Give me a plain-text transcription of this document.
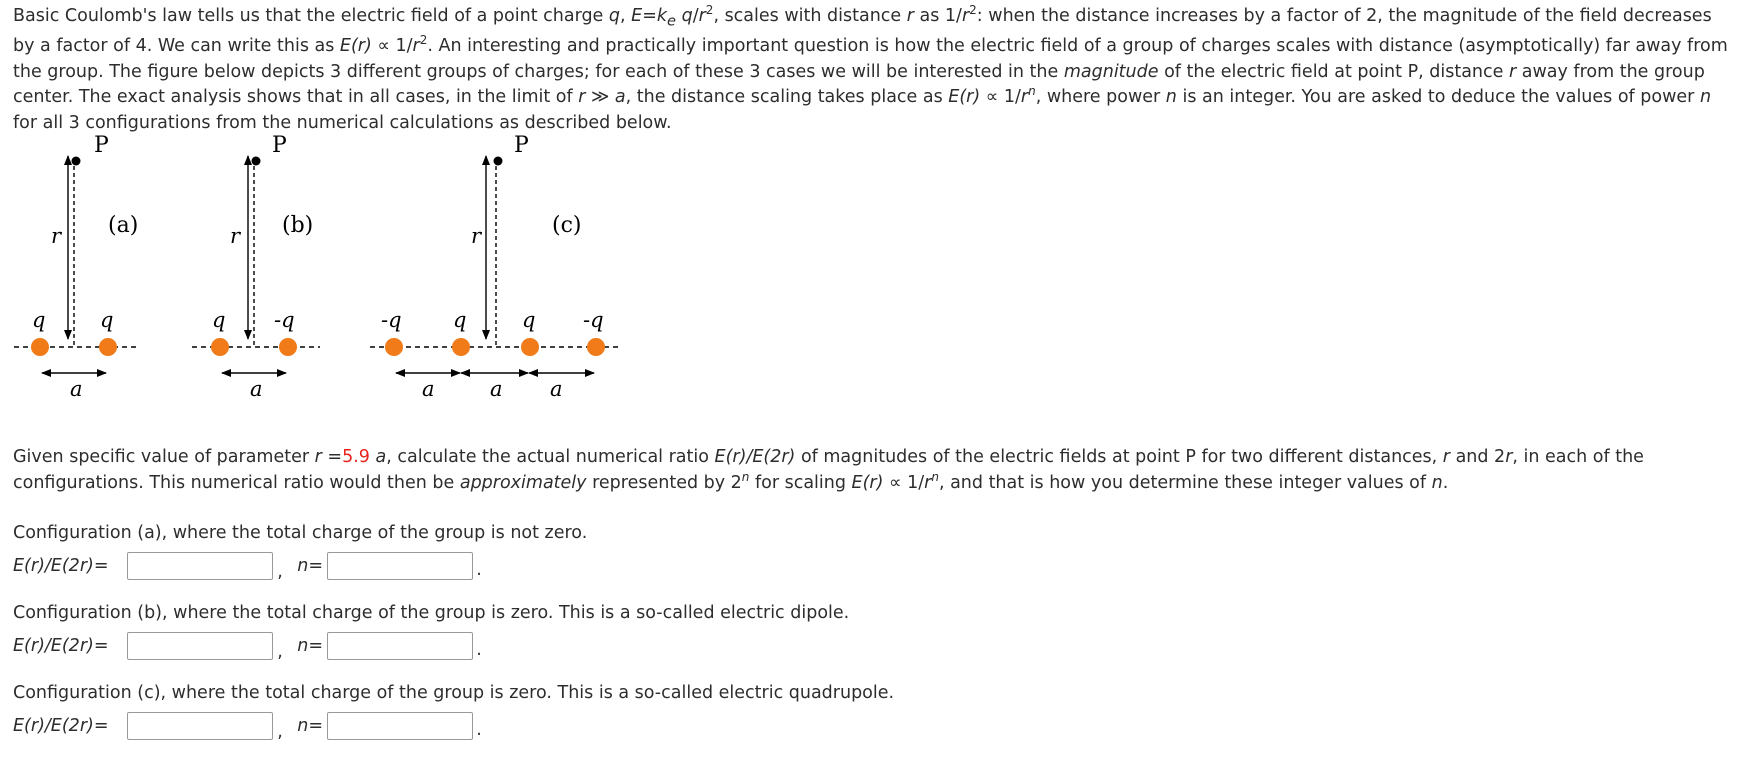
Basic Coulomb's law tells us that the electric field of a point charge q, $E=k_e$ $q/r^2$, scales with distance r as $1/r^2$: when the distance increases by a factor of 2, the magnitude of the field decreases by a factor of 4. We can write this as $E(r) \propto 1/r^2$. An interesting and practically important question is how the electric field of a group of charges scales with distance (asymptotically) far away from the group. The figure below depicts 3 different groups of charges; for each of these 3 cases we will be interested in the magnitude of the electric field at point P, distance r away from the group center. The exact analysis shows that in all cases, in the limit of r ≫ a, the distance scaling takes place as $E(r) \propto 1/r^n$, where power n is an integer. You are asked to deduce the values of power n for all 3 configurations from the numerical calculations as described below.
P	P	P
(a)	(b)	(c)
r	r	r
q	q	q -q	-q q	q -q
a	a	a	a a
Given specific value of parameter r =5.9 a, calculate the actual numerical ratio E(r)/E(2r) of magnitudes of the electric fields at point P for two different distances, r and 2r, in each of the configurations. This numerical ratio would then be approximately represented by 2$^n$ for scaling $E(r) \propto 1/r^n$, and that is how you determine these integer values of n.
Configuration (a), where the total charge of the group is not zero.
E(r)/E(2r)=	, n=	.
Configuration (b), where the total charge of the group is zero. This is a so-called electric dipole.
E(r)/E(2r)=	, n=	.
Configuration (c), where the total charge of the group is zero. This is a so-called electric quadrupole.
E(r)/E(2r)=	, n=	.
